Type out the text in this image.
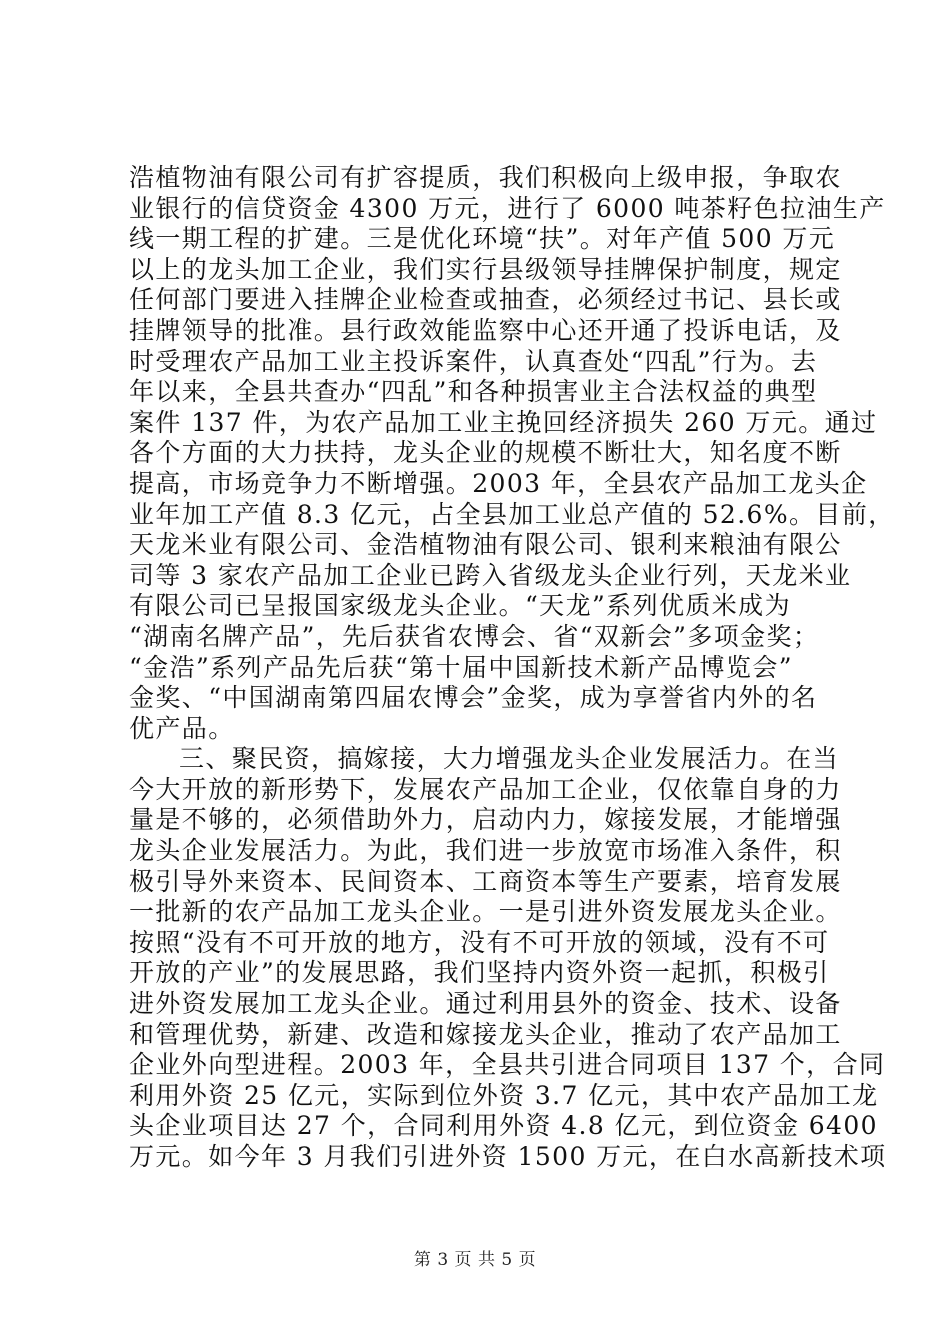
浩植物油有限公司有扩容提质，我们积极向上级申报，争取农
业银行的信贷资金 4300 万元，进行了 6000 吨茶籽色拉油生产
线一期工程的扩建。三是优化环境“扶”。对年产值 500 万元
以上的龙头加工企业，我们实行县级领导挂牌保护制度，规定
任何部门要进入挂牌企业检查或抽查，必须经过书记、县长或
挂牌领导的批准。县行政效能监察中心还开通了投诉电话，及
时受理农产品加工业主投诉案件，认真查处“四乱”行为。去
年以来，全县共查办“四乱”和各种损害业主合法权益的典型
案件 137 件，为农产品加工业主挽回经济损失 260 万元。通过
各个方面的大力扶持，龙头企业的规模不断壮大，知名度不断
提高，市场竞争力不断增强。2003 年，全县农产品加工龙头企
业年加工产值 8.3 亿元，占全县加工业总产值的 52.6%。目前，
天龙米业有限公司、金浩植物油有限公司、银利来粮油有限公
司等 3 家农产品加工企业已跨入省级龙头企业行列，天龙米业
有限公司已呈报国家级龙头企业。“天龙”系列优质米成为
“湖南名牌产品”，先后获省农博会、省“双新会”多项金奖；
“金浩”系列产品先后获“第十届中国新技术新产品博览会”
金奖、“中国湖南第四届农博会”金奖，成为享誉省内外的名
优产品。
三、聚民资，搞嫁接，大力增强龙头企业发展活力。在当
今大开放的新形势下，发展农产品加工企业，仅依靠自身的力
量是不够的，必须借助外力，启动内力，嫁接发展，才能增强
龙头企业发展活力。为此，我们进一步放宽市场准入条件，积
极引导外来资本、民间资本、工商资本等生产要素，培育发展
一批新的农产品加工龙头企业。一是引进外资发展龙头企业。
按照“没有不可开放的地方，没有不可开放的领域，没有不可
开放的产业”的发展思路，我们坚持内资外资一起抓，积极引
进外资发展加工龙头企业。通过利用县外的资金、技术、设备
和管理优势，新建、改造和嫁接龙头企业，推动了农产品加工
企业外向型进程。2003 年，全县共引进合同项目 137 个，合同
利用外资 25 亿元，实际到位外资 3.7 亿元，其中农产品加工龙
头企业项目达 27 个，合同利用外资 4.8 亿元，到位资金 6400
万元。如今年 3 月我们引进外资 1500 万元，在白水高新技术项
第 3 页 共 5 页
